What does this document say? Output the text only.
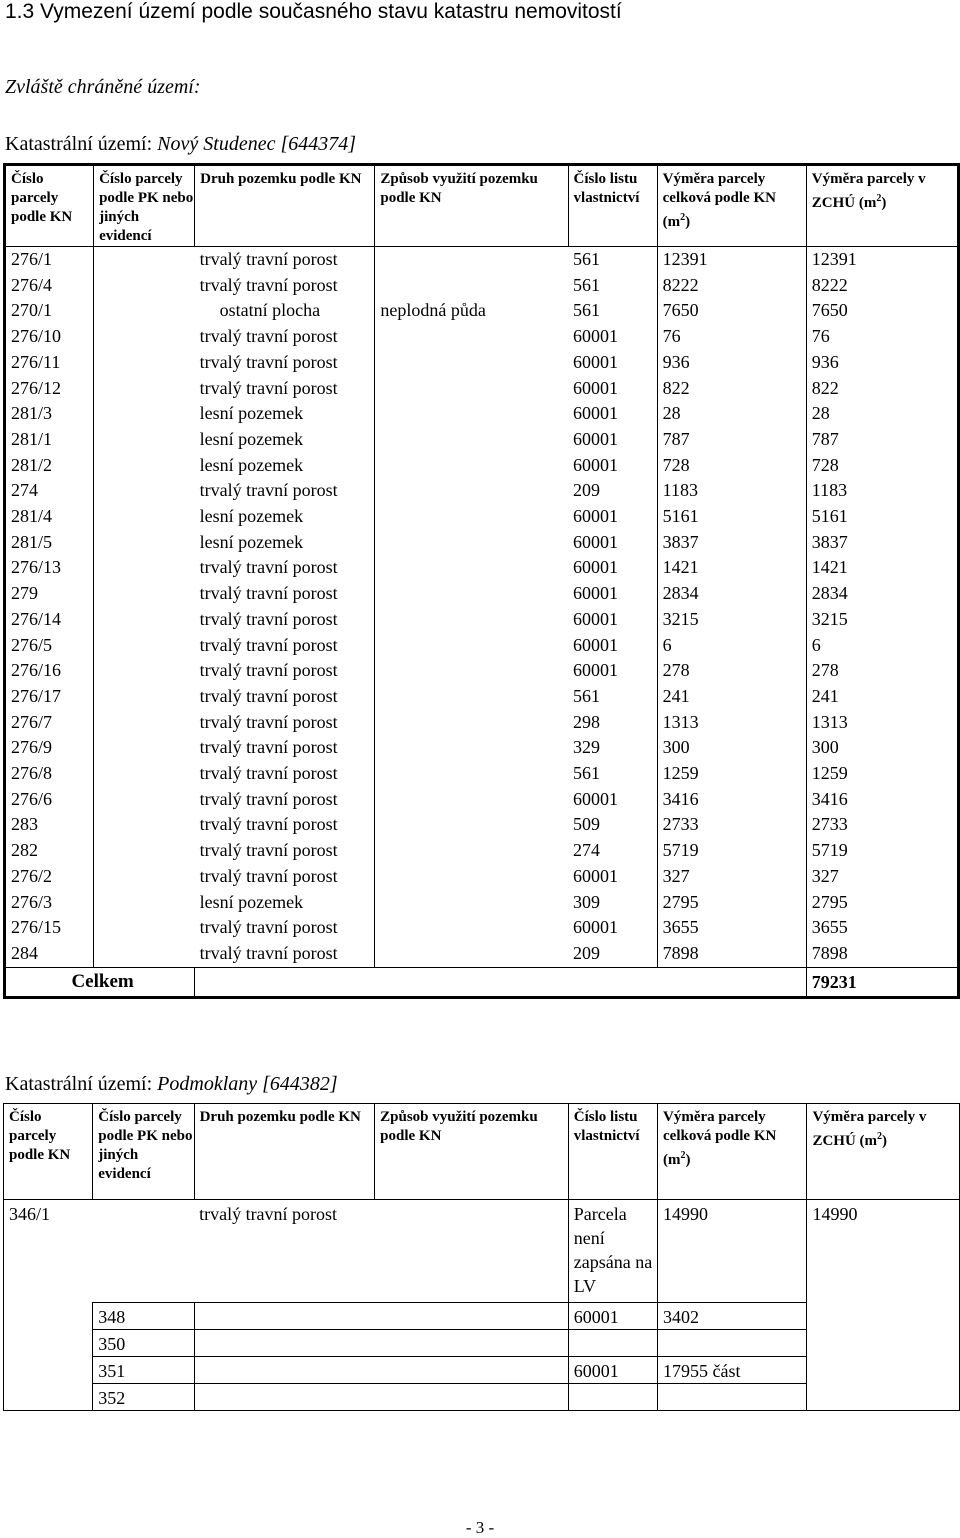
1.3 Vymezení území podle současného stavu katastru nemovitostí
Zvláště chráněné území:
Katastrální území: Nový Studenec [644374]
Číslo parcely podle KN	Číslo parcely podle PK nebo jiných evidencí	Druh pozemku podle KN	Způsob využití pozemku podle KN	Číslo listu vlastnictví	Výměra parcely celková podle KN $(m^2)$	Výměra parcely v ZCHÚ $(m^2)$
276/1		trvalý travní porost		561	12391	12391
276/4		trvalý travní porost		561	8222	8222
270/1		ostatní plocha	neplodná půda	561	7650	7650
276/10		trvalý travní porost		60001	76	76
276/11		trvalý travní porost		60001	936	936
276/12		trvalý travní porost		60001	822	822
281/3		lesní pozemek		60001	28	28
281/1		lesní pozemek		60001	787	787
281/2		lesní pozemek		60001	728	728
274		trvalý travní porost		209	1183	1183
281/4		lesní pozemek		60001	5161	5161
281/5		lesní pozemek		60001	3837	3837
276/13		trvalý travní porost		60001	1421	1421
279		trvalý travní porost		60001	2834	2834
276/14		trvalý travní porost		60001	3215	3215
276/5		trvalý travní porost		60001	6	6
276/16		trvalý travní porost		60001	278	278
276/17		trvalý travní porost		561	241	241
276/7		trvalý travní porost		298	1313	1313
276/9		trvalý travní porost		329	300	300
276/8		trvalý travní porost		561	1259	1259
276/6		trvalý travní porost		60001	3416	3416
283		trvalý travní porost		509	2733	2733
282		trvalý travní porost		274	5719	5719
276/2		trvalý travní porost		60001	327	327
276/3		lesní pozemek		309	2795	2795
276/15		trvalý travní porost		60001	3655	3655
284		trvalý travní porost		209	7898	7898
Celkem						79231
Katastrální území: Podmoklany [644382]
Číslo parcely podle KN	Číslo parcely podle PK nebo jiných evidencí	Druh pozemku podle KN	Způsob využití pozemku podle KN	Číslo listu vlastnictví	Výměra parcely celková podle KN $(m^2)$	Výměra parcely v ZCHÚ $(m^2)$
346/1		trvalý travní porost		Parcela není zapsána na LV	14990	14990
	348			60001	3402	
	350					
	351			60001	17955 část	
	352					
- 3 -
